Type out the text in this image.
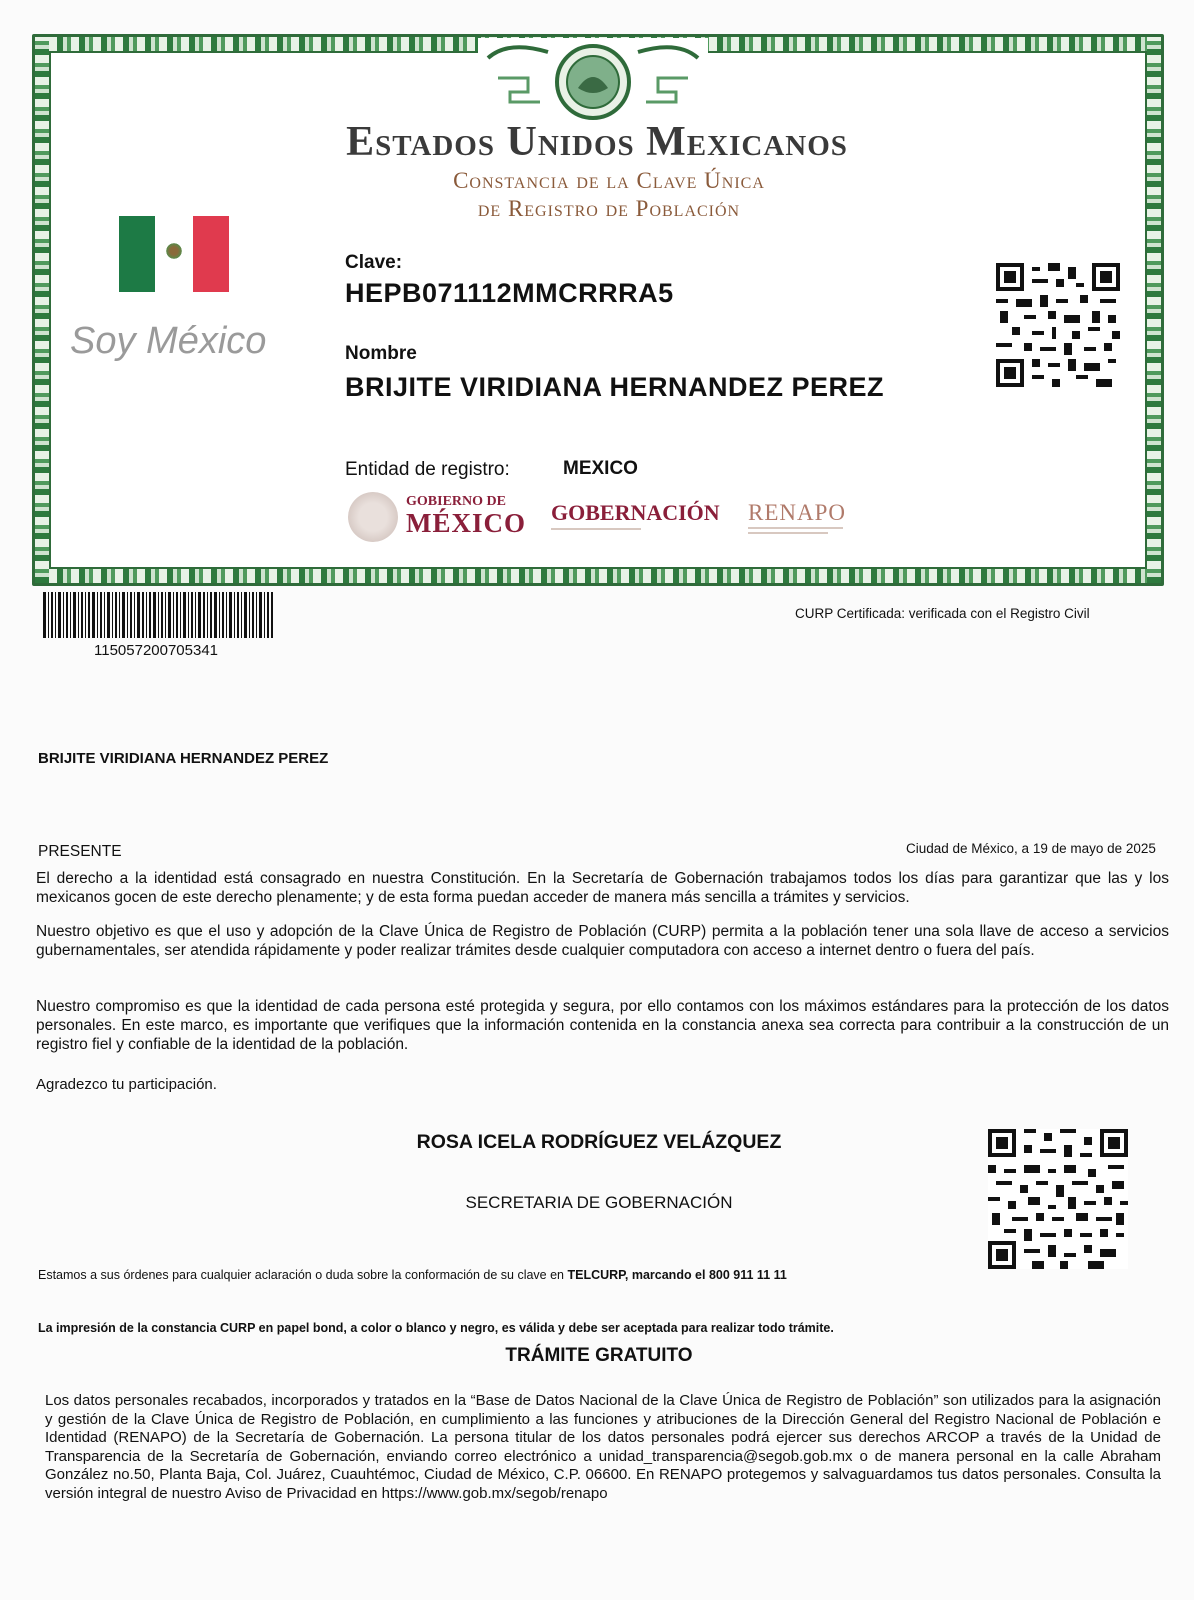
Estados Unidos Mexicanos
Constancia de la Clave Única
de Registro de Población
Soy México
Clave:
HEPB071112MMCRRRA5
Nombre
BRIJITE VIRIDIANA HERNANDEZ PEREZ
Entidad de registro:	MEXICO
GOBIERNO DE
MÉXICO GOBERNACIÓN RENAPO
115057200705341
CURP Certificada: verificada con el Registro Civil
BRIJITE VIRIDIANA HERNANDEZ PEREZ
PRESENTE	Ciudad de México, a 19 de mayo de 2025
El derecho a la identidad está consagrado en nuestra Constitución. En la Secretaría de Gobernación trabajamos todos los días para garantizar que las y los mexicanos gocen de este derecho plenamente; y de esta forma puedan acceder de manera más sencilla a trámites y servicios.
Nuestro objetivo es que el uso y adopción de la Clave Única de Registro de Población (CURP) permita a la población tener una sola llave de acceso a servicios gubernamentales, ser atendida rápidamente y poder realizar trámites desde cualquier computadora con acceso a internet dentro o fuera del país.
Nuestro compromiso es que la identidad de cada persona esté protegida y segura, por ello contamos con los máximos estándares para la protección de los datos personales. En este marco, es importante que verifiques que la información contenida en la constancia anexa sea correcta para contribuir a la construcción de un registro fiel y confiable de la identidad de la población.
Agradezco tu participación.
ROSA ICELA RODRÍGUEZ VELÁZQUEZ
SECRETARIA DE GOBERNACIÓN
Estamos a sus órdenes para cualquier aclaración o duda sobre la conformación de su clave en TELCURP, marcando el 800 911 11 11
La impresión de la constancia CURP en papel bond, a color o blanco y negro, es válida y debe ser aceptada para realizar todo trámite.
TRÁMITE GRATUITO
Los datos personales recabados, incorporados y tratados en la “Base de Datos Nacional de la Clave Única de Registro de Población” son utilizados para la asignación y gestión de la Clave Única de Registro de Población, en cumplimiento a las funciones y atribuciones de la Dirección General del Registro Nacional de Población e Identidad (RENAPO) de la Secretaría de Gobernación. La persona titular de los datos personales podrá ejercer sus derechos ARCOP a través de la Unidad de Transparencia de la Secretaría de Gobernación, enviando correo electrónico a unidad_transparencia@segob.gob.mx o de manera personal en la calle Abraham González no.50, Planta Baja, Col. Juárez, Cuauhtémoc, Ciudad de México, C.P. 06600. En RENAPO protegemos y salvaguardamos tus datos personales. Consulta la versión integral de nuestro Aviso de Privacidad en https://www.gob.mx/segob/renapo
